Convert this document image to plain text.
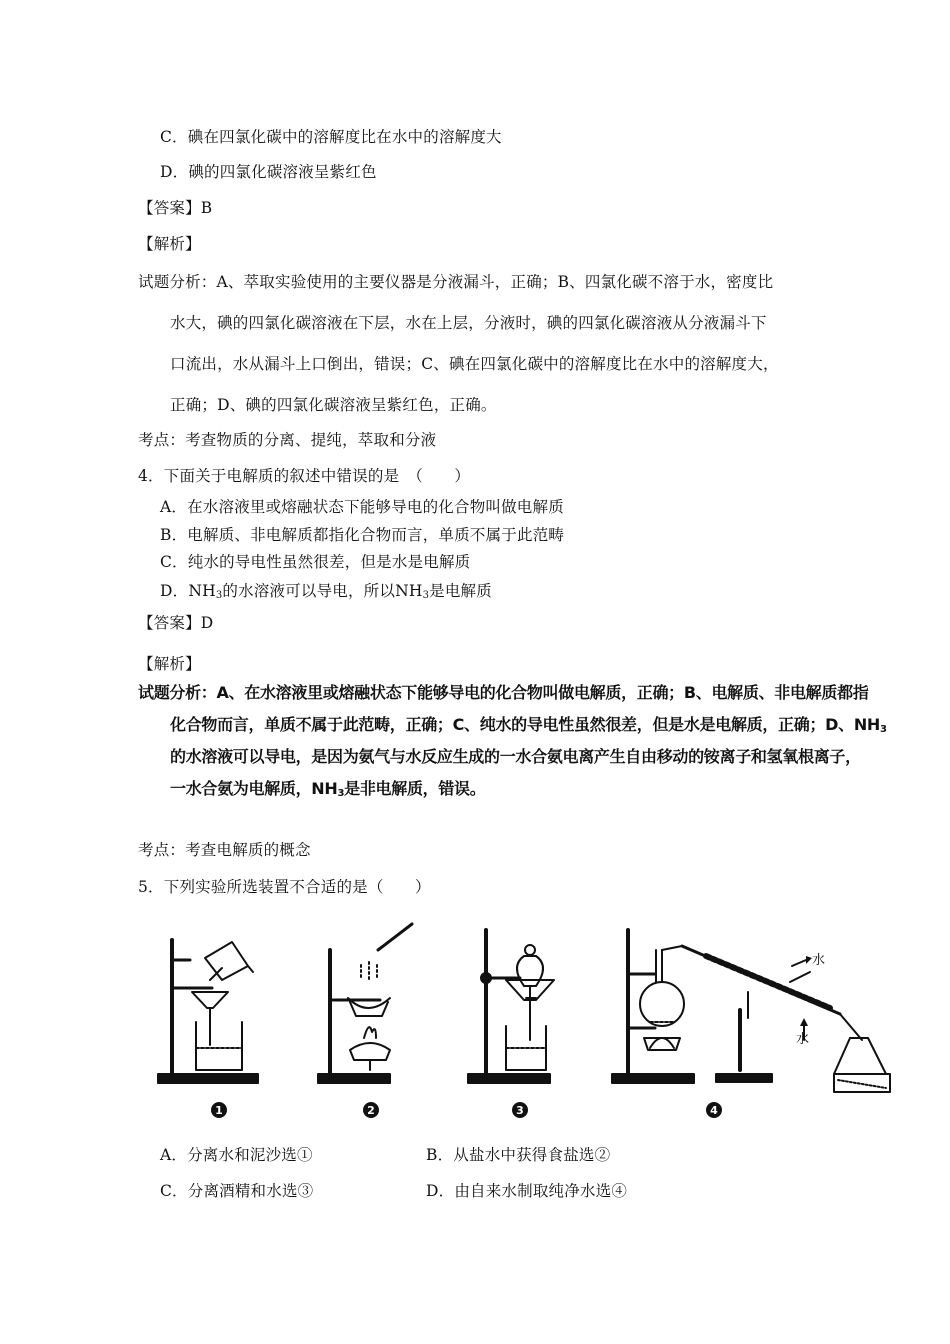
C．碘在四氯化碳中的溶解度比在水中的溶解度大
D．碘的四氯化碳溶液呈紫红色
【答案】B
【解析】
试题分析：A、萃取实验使用的主要仪器是分液漏斗，正确；B、四氯化碳不溶于水，密度比
水大，碘的四氯化碳溶液在下层，水在上层，分液时，碘的四氯化碳溶液从分液漏斗下
口流出，水从漏斗上口倒出，错误；C、碘在四氯化碳中的溶解度比在水中的溶解度大，
正确；D、碘的四氯化碳溶液呈紫红色，正确。
考点：考查物质的分离、提纯，萃取和分液
4．下面关于电解质的叙述中错误的是　（　　）
A．在水溶液里或熔融状态下能够导电的化合物叫做电解质
B．电解质、非电解质都指化合物而言，单质不属于此范畴
C．纯水的导电性虽然很差，但是水是电解质
D．$NH_3$的水溶液可以导电，所以$NH_3$是电解质
【答案】D
【解析】
试题分析：A、在水溶液里或熔融状态下能够导电的化合物叫做电解质，正确；B、电解质、非电解质都指
化合物而言，单质不属于此范畴，正确；C、纯水的导电性虽然很差，但是水是电解质，正确；D、$NH_3$
的水溶液可以导电，是因为氨气与水反应生成的一水合氨电离产生自由移动的铵离子和氢氧根离子，
一水合氨为电解质，$NH_3$是非电解质，错误。
考点：考查电解质的概念
5．下列实验所选装置不合适的是（　　）
水
水
1	2	3	4
A．分离水和泥沙选①	B．从盐水中获得食盐选②
C．分离酒精和水选③	D．由自来水制取纯净水选④
